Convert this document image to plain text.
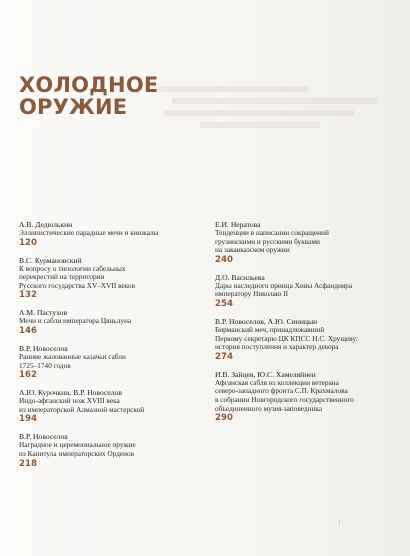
ХОЛОДНОЕ
ОРУЖИЕ
А.В. Дедюлькин
Эллинистические парадные мечи и кинжалы
120
В.С. Курмановский
К вопросу о типологии сабельных
перекрестий на территории
Русского государства XV–XVII веков
132
А.М. Пастухов
Мечи и сабли императора Цяньлуна
146
В.Р. Новоселов
Ранние жалованные казачьи сабли
1725–1740 годов
162
А.Ю. Курочкин, В.Р. Новоселов
Индо-афганский нож XVIII века
из императорской Алмазной мастерской
194
В.Р. Новоселов
Наградное и церемониальное оружие
из Капитула императорских Орденов
218
Е.И. Нератова
Тенденции в написании сокращений
грузинскими и русскими буквами
на закавказском оружии
240
Д.О. Васильева
Дары наследного принца Хивы Асфандияра
императору Николаю II
254
В.Р. Новоселов, А.Ю. Синицын
Бирманский меч, принадлежавший
Первому секретарю ЦК КПСС Н.С. Хрущеву:
история поступления и характер декора
274
И.В. Зайцев, Ю.С. Хамеляйнен
Афганская сабля из коллекции ветерана
северо-западного фронта С.П. Крахмалова
в собрании Новгородского государственного
объединенного музея-заповедника
290
